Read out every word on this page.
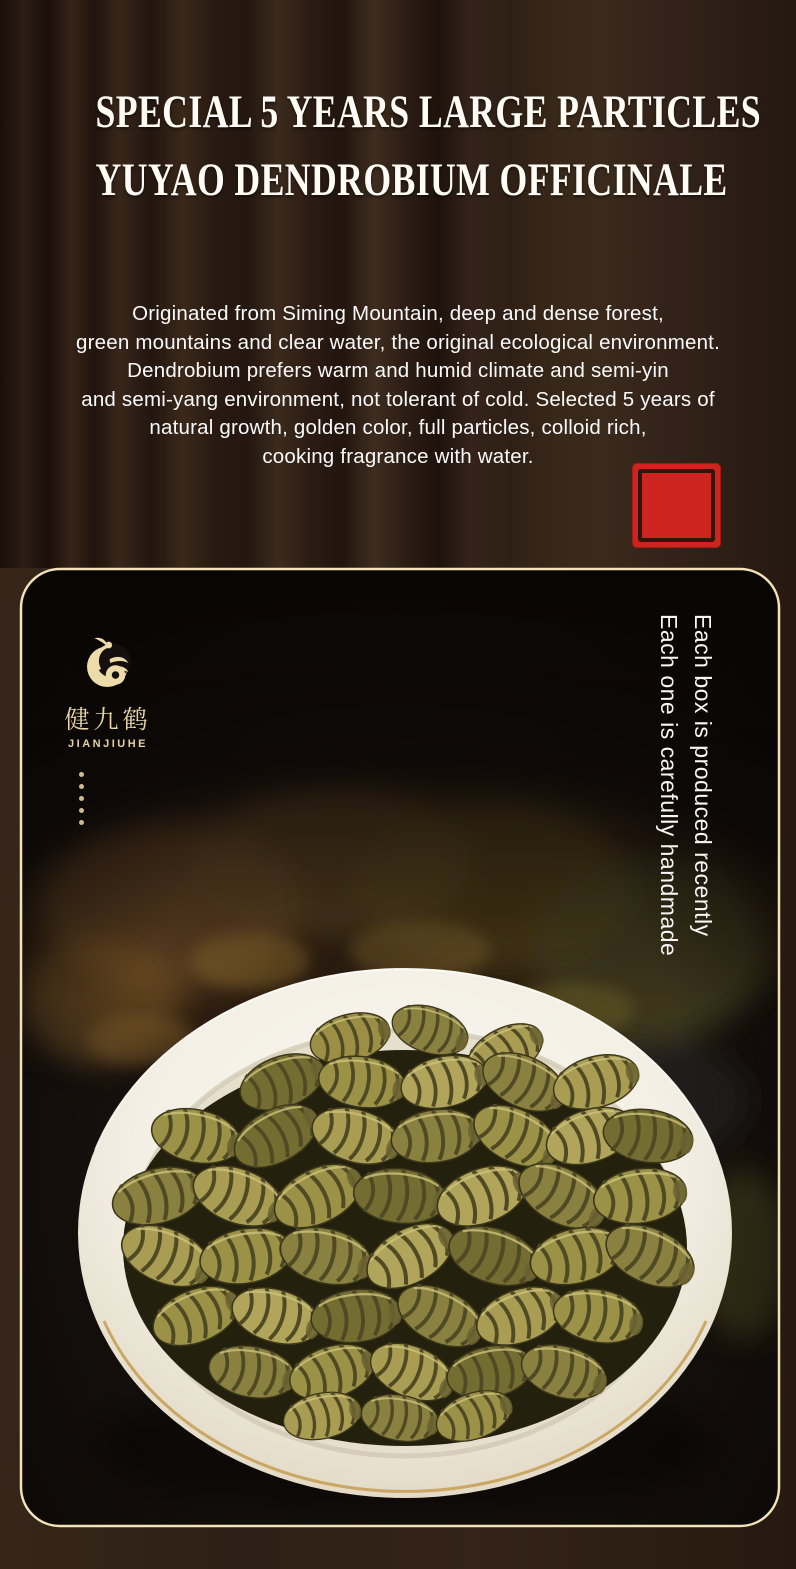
SPECIAL 5 YEARS LARGE PARTICLES
YUYAO DENDROBIUM OFFICINALE
Originated from Siming Mountain, deep and dense forest,
green mountains and clear water, the original ecological environment.
Dendrobium prefers warm and humid climate and semi-yin
and semi-yang environment, not tolerant of cold. Selected 5 years of
natural growth, golden color, full particles, colloid rich,
cooking fragrance with water.
健九鹤
JIANJIUHE	Each box is produced recently
Each one is carefully handmade
